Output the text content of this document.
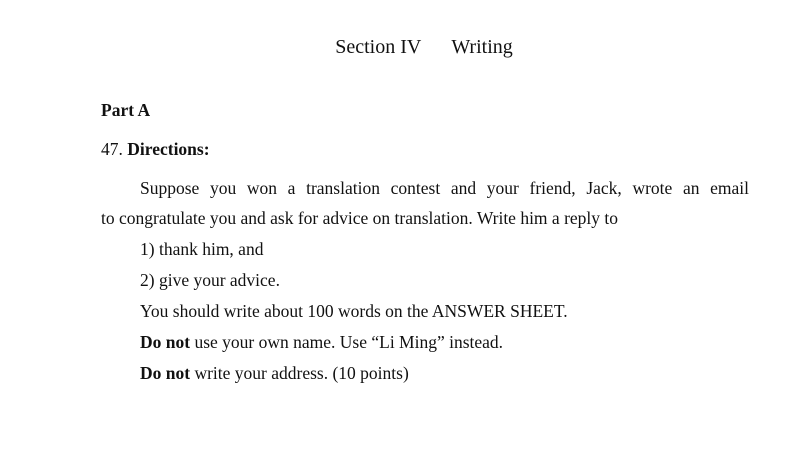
Section IV Writing
Part A
47. Directions:
Suppose you won a translation contest and your friend, Jack, wrote an email
to congratulate you and ask for advice on translation. Write him a reply to
1) thank him, and
2) give your advice.
You should write about 100 words on the ANSWER SHEET.
Do not use your own name. Use “Li Ming” instead.
Do not write your address. (10 points)
